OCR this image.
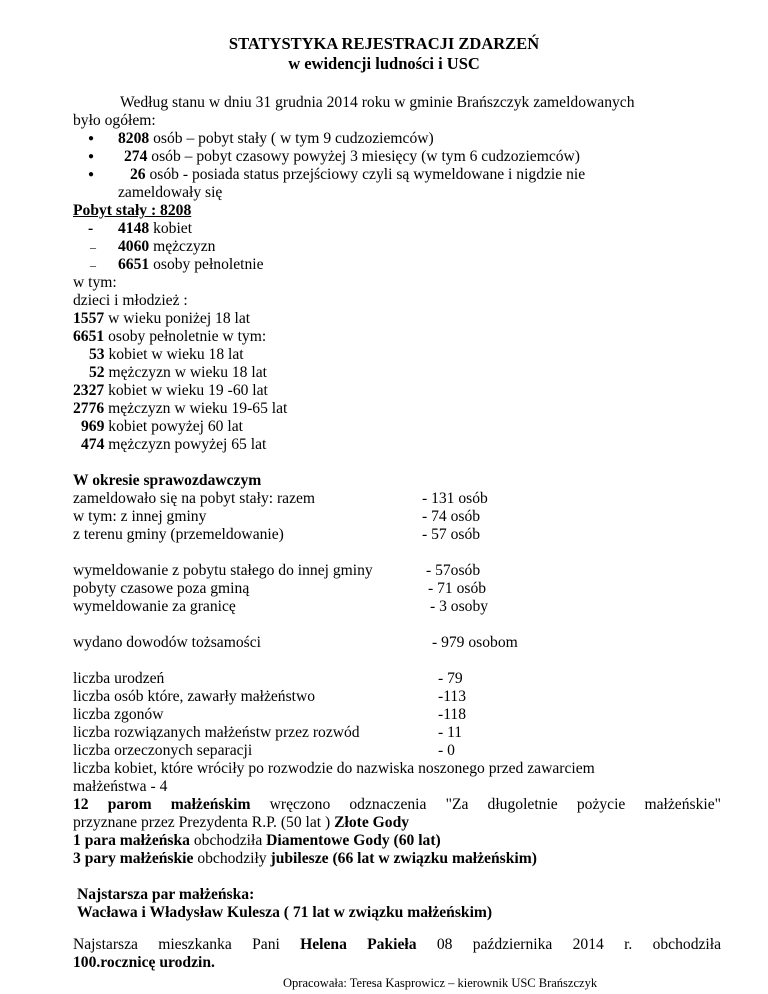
STATYSTYKA REJESTRACJI ZDARZEŃ
w ewidencji ludności i USC
Według stanu w dniu 31 grudnia 2014 roku w gminie Brańszczyk zameldowanych
było ogółem:
● 8208 osób – pobyt stały ( w tym 9 cudzoziemców)
● 274 osób – pobyt czasowy powyżej 3 miesięcy (w tym 6 cudzoziemców)
● 26 osób - posiada status przejściowy czyli są wymeldowane i nigdzie nie
zameldowały się
Pobyt stały : 8208
- 4148 kobiet
– 4060 mężczyzn
– 6651 osoby pełnoletnie
w tym:
dzieci i młodzież :
1557 w wieku poniżej 18 lat
6651 osoby pełnoletnie w tym:
53 kobiet w wieku 18 lat
52 mężczyzn w wieku 18 lat
2327 kobiet w wieku 19 -60 lat
2776 mężczyzn w wieku 19-65 lat
969 kobiet powyżej 60 lat
474 mężczyzn powyżej 65 lat
W okresie sprawozdawczym
zameldowało się na pobyt stały: razem	- 131 osób
w tym: z innej gminy	- 74 osób
z terenu gminy (przemeldowanie)	- 57 osób
wymeldowanie z pobytu stałego do innej gminy	- 57osób
pobyty czasowe poza gminą	- 71 osób
wymeldowanie za granicę	- 3 osoby
wydano dowodów tożsamości	- 979 osobom
liczba urodzeń	- 79
liczba osób które, zawarły małżeństwo	-113
liczba zgonów	-118
liczba rozwiązanych małżeństw przez rozwód	- 11
liczba orzeczonych separacji	- 0
liczba kobiet, które wróciły po rozwodzie do nazwiska noszonego przed zawarciem
małżeństwa - 4
12 parom małżeńskim wręczono odznaczenia "Za długoletnie pożycie małżeńskie"
przyznane przez Prezydenta R.P. (50 lat ) Złote Gody
1 para małżeńska obchodziła Diamentowe Gody (60 lat)
3 pary małżeńskie obchodziły jubilesze (66 lat w związku małżeńskim)
Najstarsza par małżeńska:
Wacława i Władysław Kulesza ( 71 lat w związku małżeńskim)
Najstarsza mieszkanka Pani Helena Pakieła 08 października 2014 r. obchodziła
100.rocznicę urodzin.
Opracowała: Teresa Kasprowicz – kierownik USC Brańszczyk
